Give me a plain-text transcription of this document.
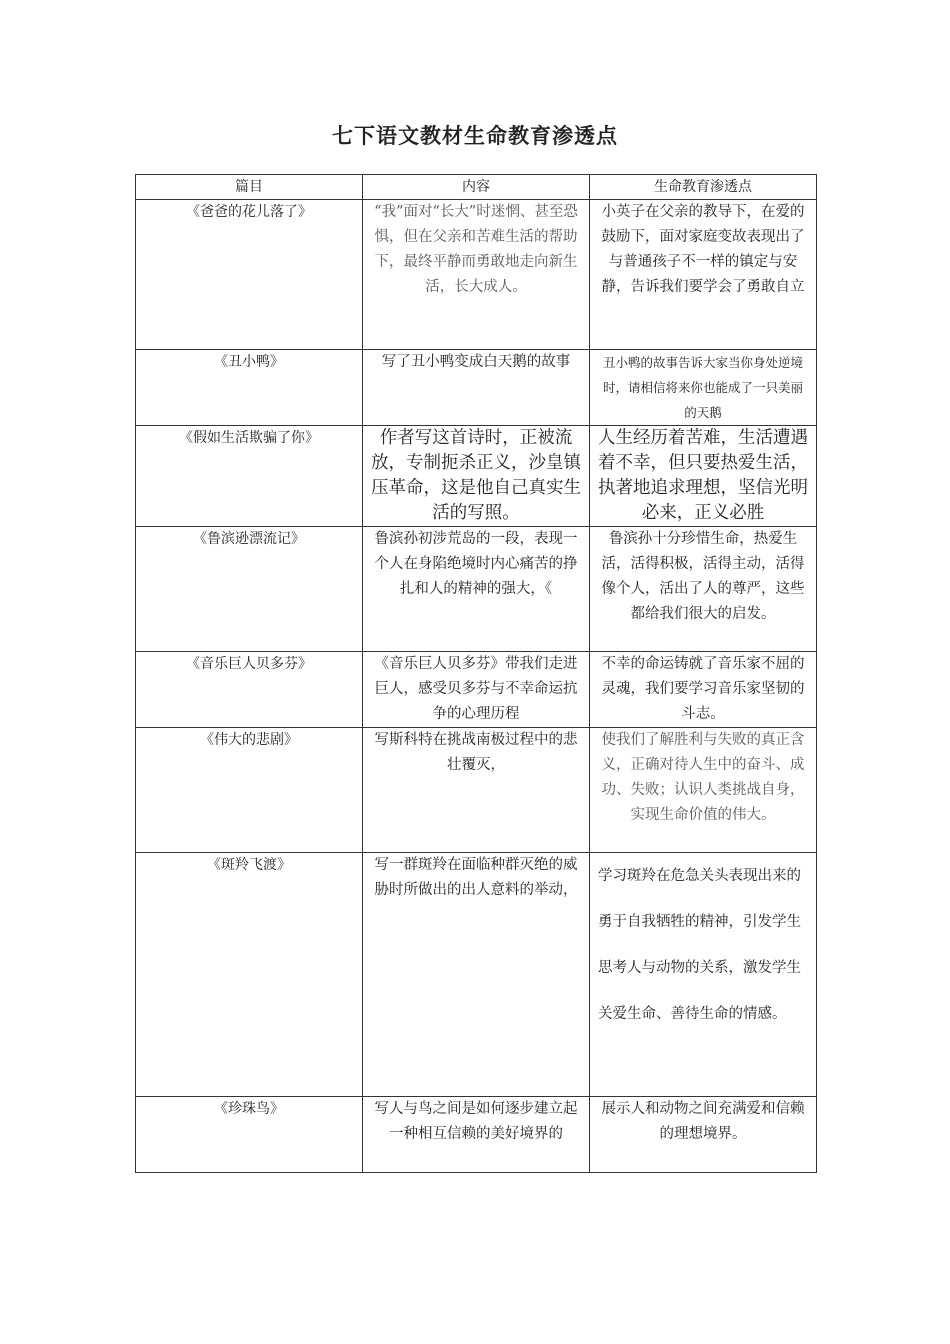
七下语文教材生命教育渗透点
篇目	内容	生命教育渗透点
《爸爸的花儿落了》	“我”面对“长大”时迷惘、甚至恐惧，但在父亲和苦难生活的帮助下，最终平静而勇敢地走向新生活，长大成人。	小英子在父亲的教导下，在爱的鼓励下，面对家庭变故表现出了与普通孩子不一样的镇定与安静，告诉我们要学会了勇敢自立
《丑小鸭》	写了丑小鸭变成白天鹅的故事	丑小鸭的故事告诉大家当你身处逆境时，请相信将来你也能成了一只美丽的天鹅
《假如生活欺骗了你》	作者写这首诗时，正被流放，专制扼杀正义，沙皇镇压革命，这是他自己真实生活的写照。	人生经历着苦难，生活遭遇着不幸，但只要热爱生活，执著地追求理想，坚信光明必来，正义必胜
《鲁滨逊漂流记》	鲁滨孙初涉荒岛的一段，表现一个人在身陷绝境时内心痛苦的挣扎和人的精神的强大，《	鲁滨孙十分珍惜生命，热爱生活，活得积极，活得主动，活得像个人，活出了人的尊严，这些都给我们很大的启发。
《音乐巨人贝多芬》	《音乐巨人贝多芬》带我们走进巨人，感受贝多芬与不幸命运抗争的心理历程	不幸的命运铸就了音乐家不屈的灵魂，我们要学习音乐家坚韧的斗志。
《伟大的悲剧》	写斯科特在挑战南极过程中的悲壮覆灭，	使我们了解胜利与失败的真正含义，正确对待人生中的奋斗、成功、失败；认识人类挑战自身，实现生命价值的伟大。
《斑羚飞渡》	写一群斑羚在面临种群灭绝的威胁时所做出的出人意料的举动，	学习斑羚在危急关头表现出来的勇于自我牺牲的精神，引发学生思考人与动物的关系，激发学生关爱生命、善待生命的情感。
《珍珠鸟》	写人与鸟之间是如何逐步建立起一种相互信赖的美好境界的	展示人和动物之间充满爱和信赖的理想境界。
